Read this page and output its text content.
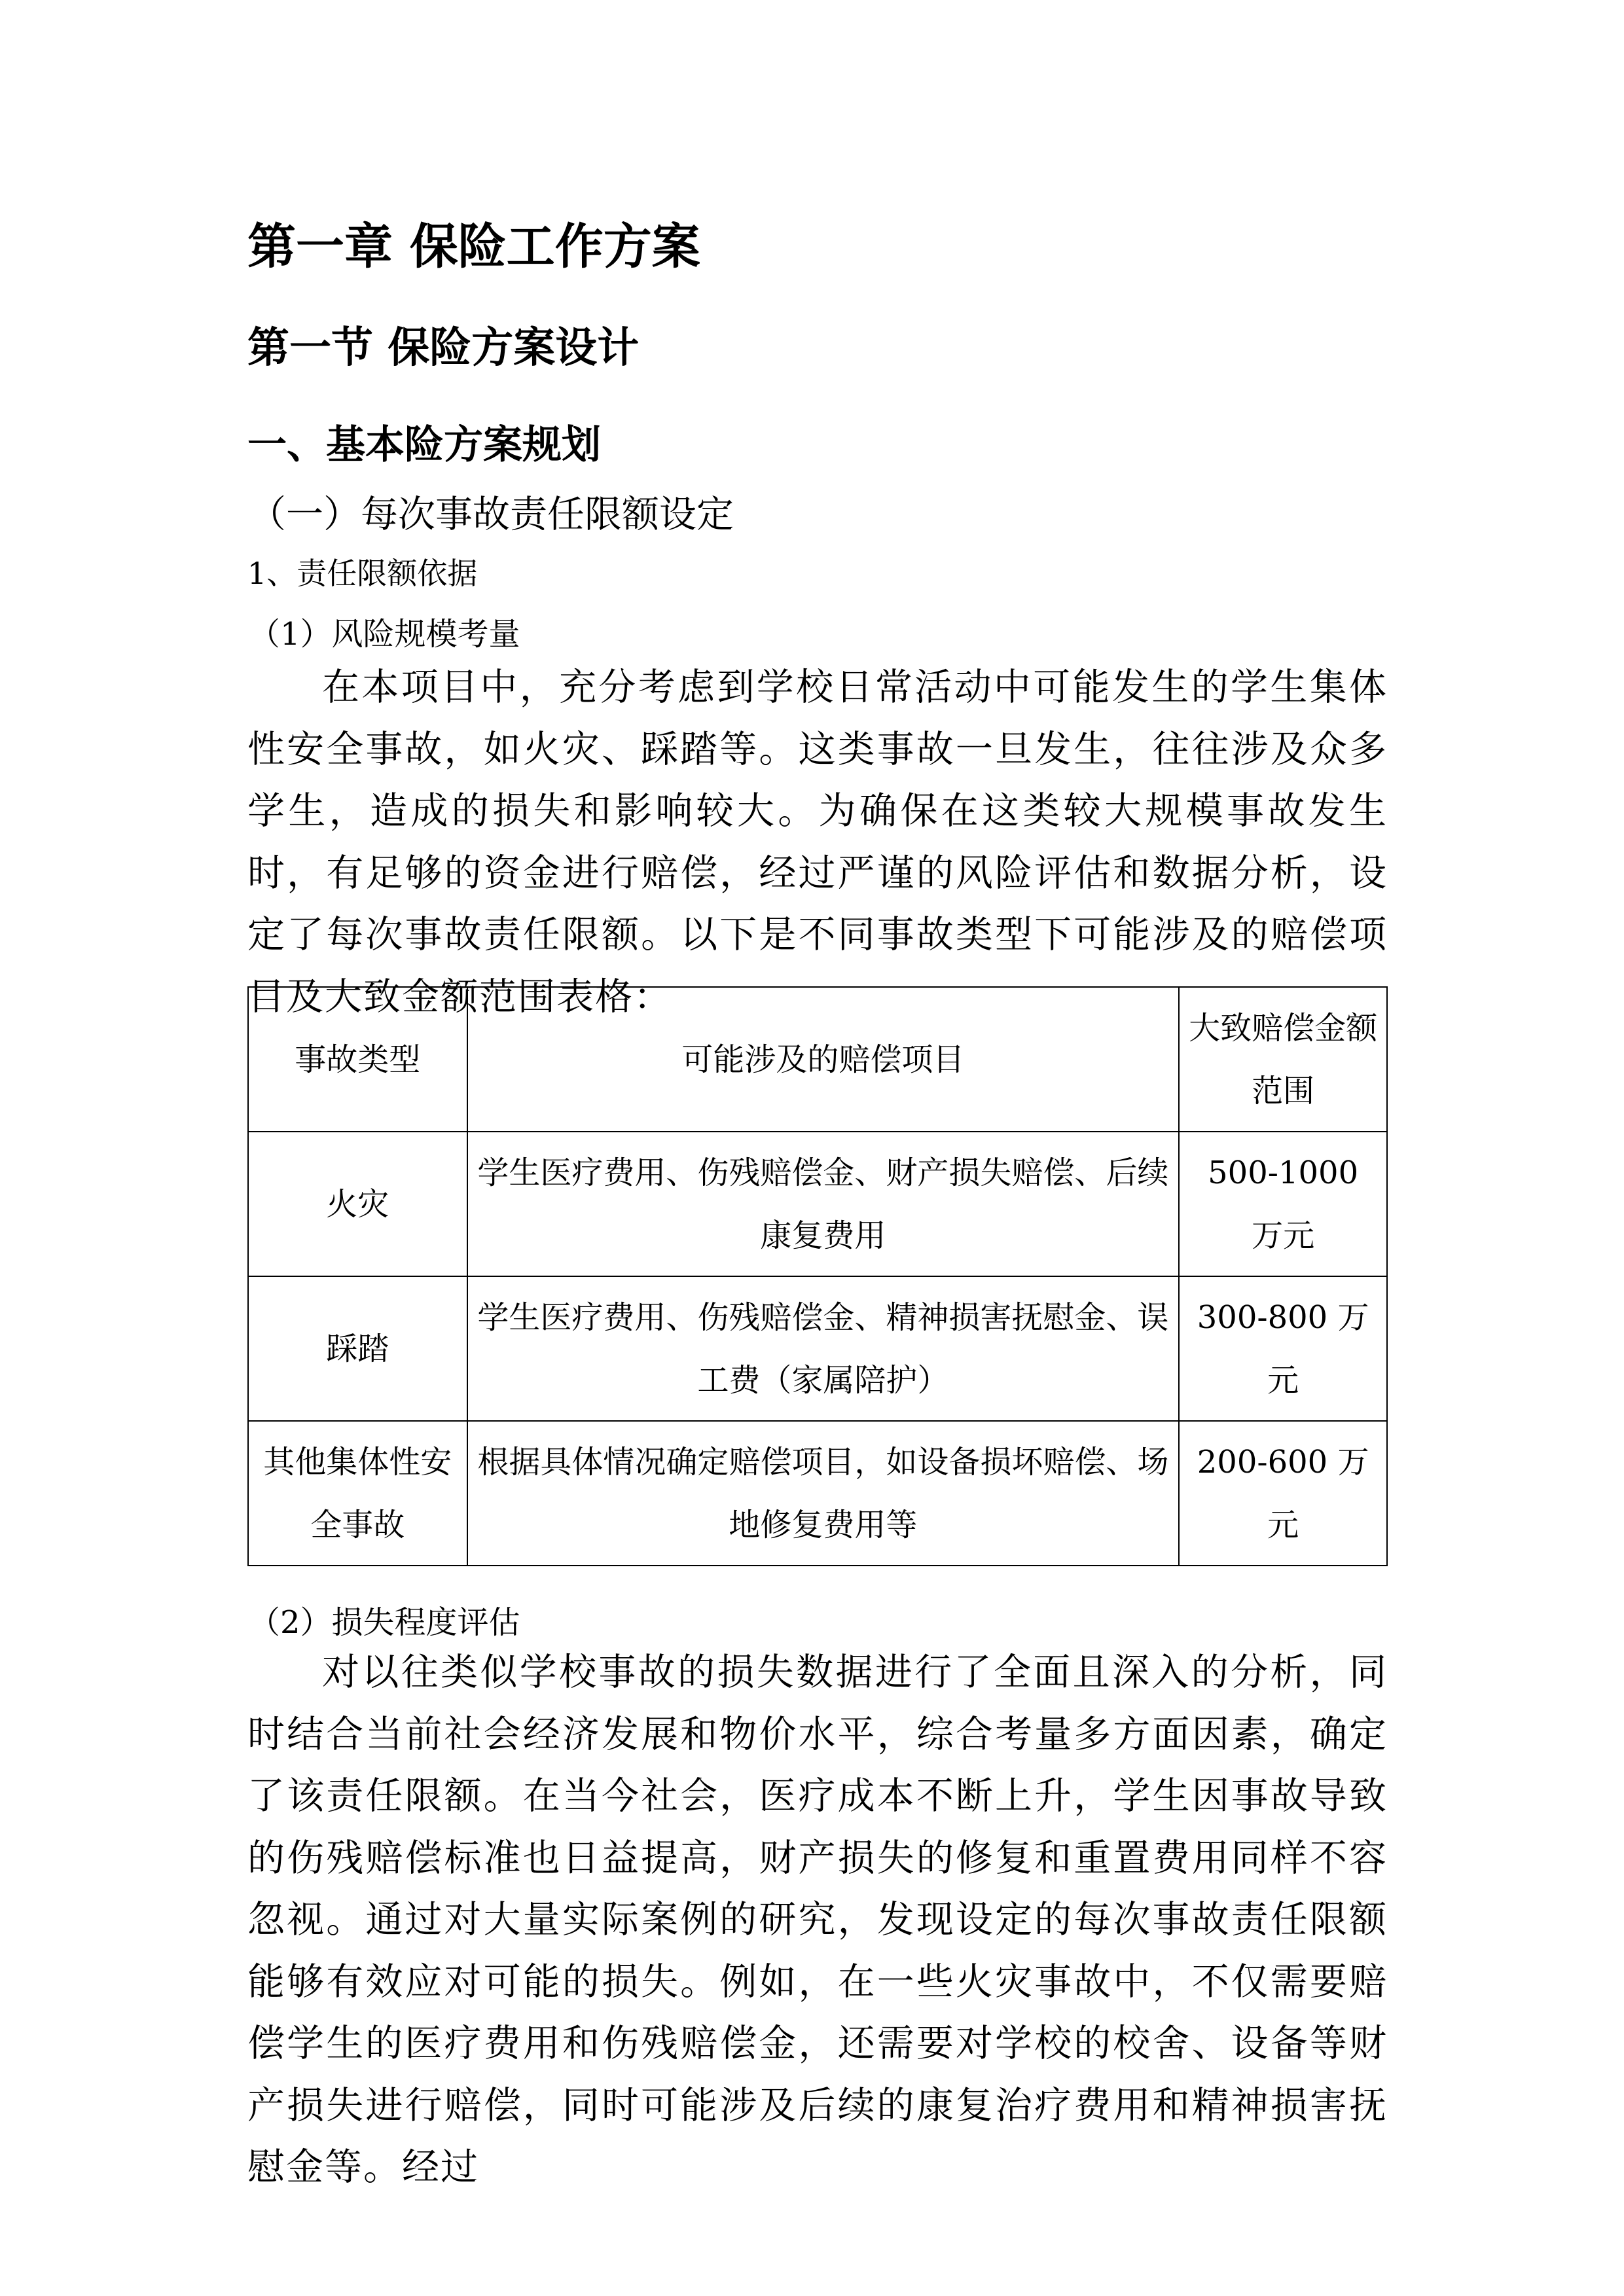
第一章 保险工作方案
第一节 保险方案设计
一、基本险方案规划
（一）每次事故责任限额设定
1、责任限额依据
（1）风险规模考量
在本项目中，充分考虑到学校日常活动中可能发生的学生集体性安全事故，如火灾、踩踏等。这类事故一旦发生，往往涉及众多学生，造成的损失和影响较大。为确保在这类较大规模事故发生时，有足够的资金进行赔偿，经过严谨的风险评估和数据分析，设定了每次事故责任限额。以下是不同事故类型下可能涉及的赔偿项目及大致金额范围表格：
事故类型	可能涉及的赔偿项目	大致赔偿金额范围
火灾	学生医疗费用、伤残赔偿金、财产损失赔偿、后续康复费用	500-1000 万元
踩踏	学生医疗费用、伤残赔偿金、精神损害抚慰金、误工费（家属陪护）	300-800 万元
其他集体性安全事故	根据具体情况确定赔偿项目，如设备损坏赔偿、场地修复费用等	200-600 万元
（2）损失程度评估
对以往类似学校事故的损失数据进行了全面且深入的分析，同时结合当前社会经济发展和物价水平，综合考量多方面因素，确定了该责任限额。在当今社会，医疗成本不断上升，学生因事故导致的伤残赔偿标准也日益提高，财产损失的修复和重置费用同样不容忽视。通过对大量实际案例的研究，发现设定的每次事故责任限额能够有效应对可能的损失。例如，在一些火灾事故中，不仅需要赔偿学生的医疗费用和伤残赔偿金，还需要对学校的校舍、设备等财产损失进行赔偿，同时可能涉及后续的康复治疗费用和精神损害抚慰金等。经过
